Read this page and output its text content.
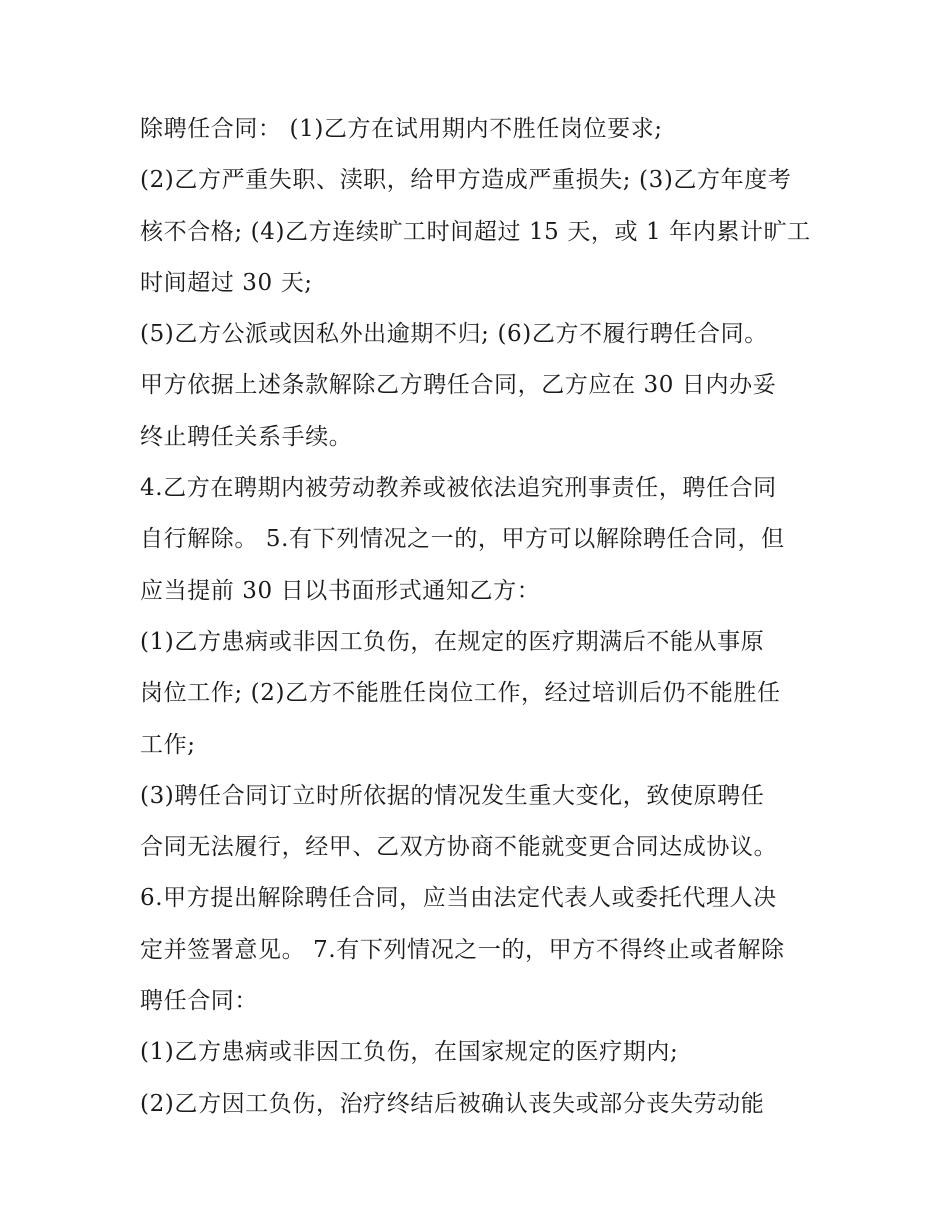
除聘任合同： (1)乙方在试用期内不胜任岗位要求;
(2)乙方严重失职、渎职，给甲方造成严重损失; (3)乙方年度考
核不合格; (4)乙方连续旷工时间超过 15 天，或 1 年内累计旷工
时间超过 30 天;
(5)乙方公派或因私外出逾期不归; (6)乙方不履行聘任合同。
甲方依据上述条款解除乙方聘任合同，乙方应在 30 日内办妥
终止聘任关系手续。
4.乙方在聘期内被劳动教养或被依法追究刑事责任，聘任合同
自行解除。 5.有下列情况之一的，甲方可以解除聘任合同，但
应当提前 30 日以书面形式通知乙方：
(1)乙方患病或非因工负伤，在规定的医疗期满后不能从事原
岗位工作; (2)乙方不能胜任岗位工作，经过培训后仍不能胜任
工作;
(3)聘任合同订立时所依据的情况发生重大变化，致使原聘任
合同无法履行，经甲、乙双方协商不能就变更合同达成协议。
6.甲方提出解除聘任合同，应当由法定代表人或委托代理人决
定并签署意见。 7.有下列情况之一的，甲方不得终止或者解除
聘任合同：
(1)乙方患病或非因工负伤，在国家规定的医疗期内;
(2)乙方因工负伤，治疗终结后被确认丧失或部分丧失劳动能
